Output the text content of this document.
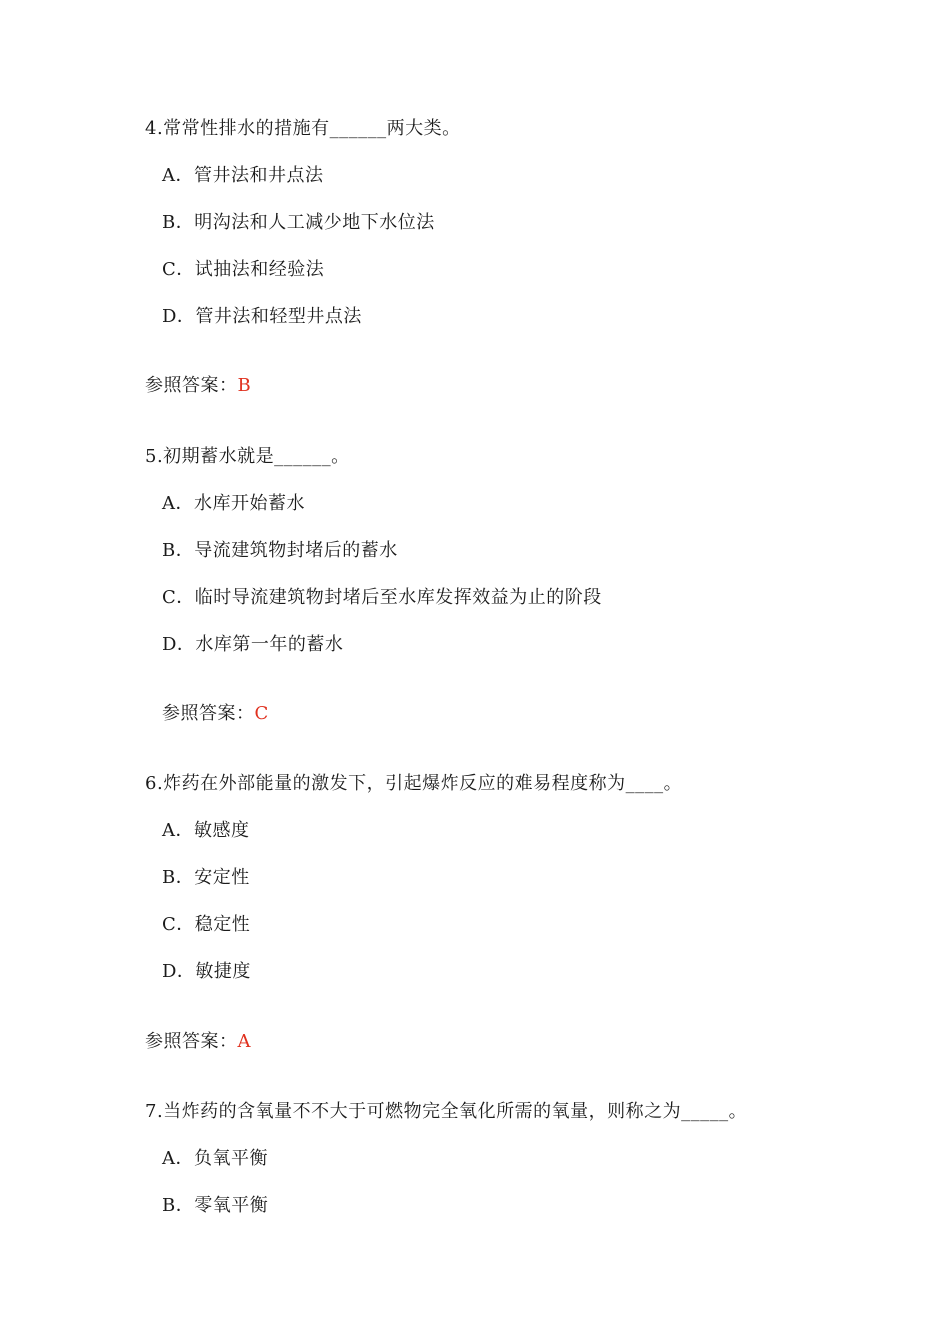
4.常常性排水的措施有______两大类。
A．管井法和井点法
B．明沟法和人工减少地下水位法
C．试抽法和经验法
D．管井法和轻型井点法
参照答案：B
5.初期蓄水就是______。
A．水库开始蓄水
B．导流建筑物封堵后的蓄水
C．临时导流建筑物封堵后至水库发挥效益为止的阶段
D．水库第一年的蓄水
参照答案：C
6.炸药在外部能量的激发下，引起爆炸反应的难易程度称为____。
A．敏感度
B．安定性
C．稳定性
D．敏捷度
参照答案：A
7.当炸药的含氧量不不大于可燃物完全氧化所需的氧量，则称之为_____。
A．负氧平衡
B．零氧平衡
